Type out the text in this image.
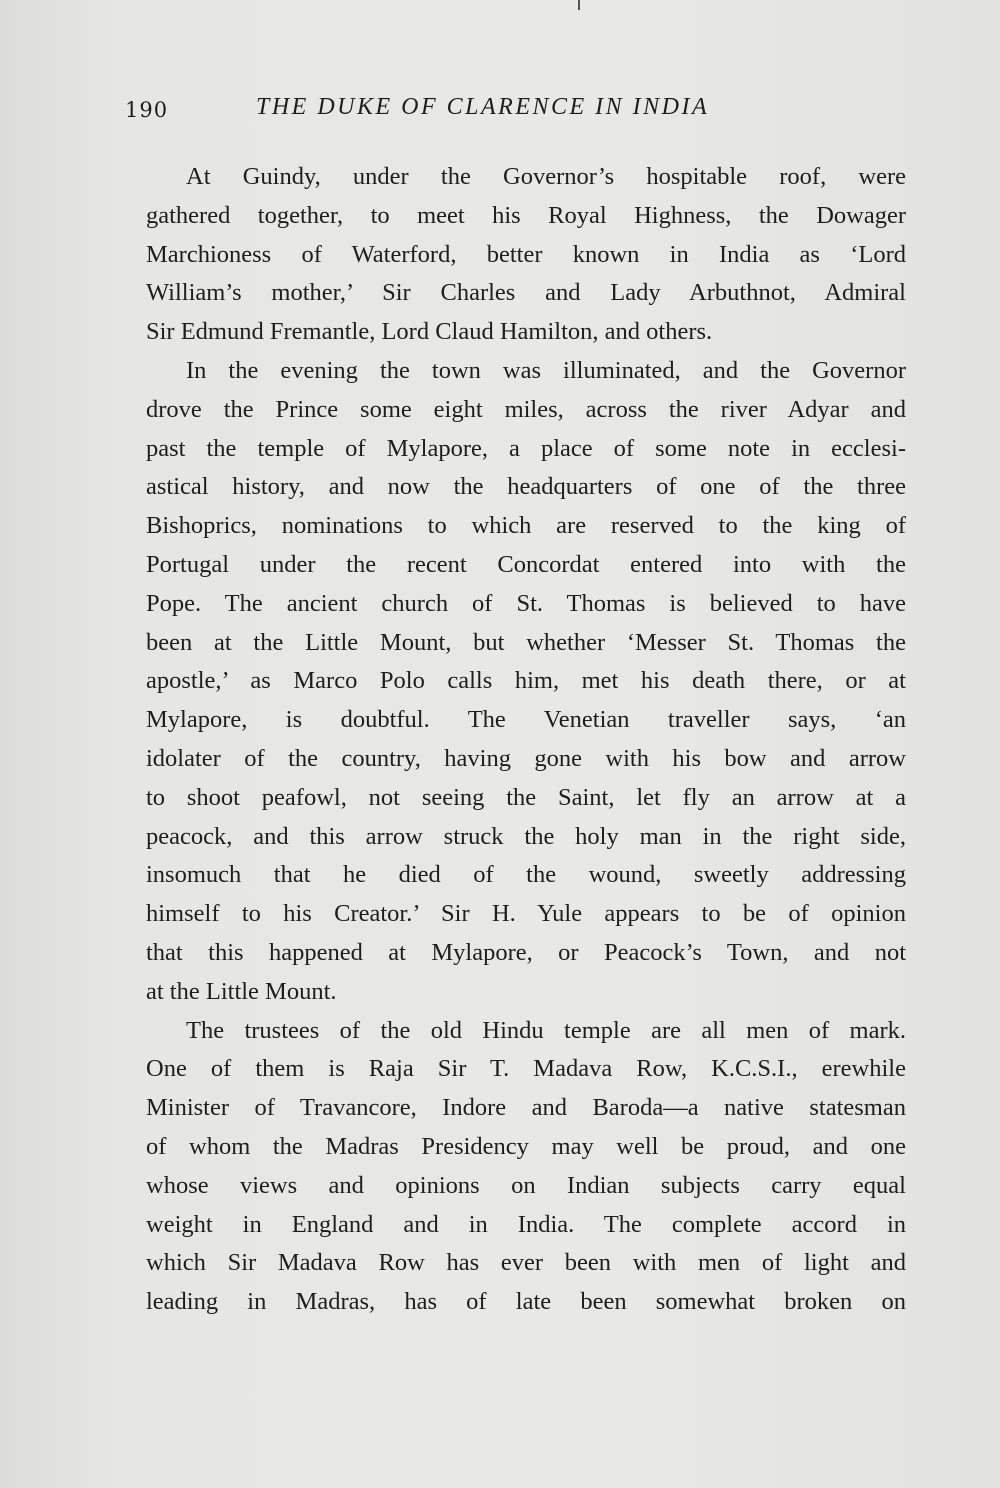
190	THE DUKE OF CLARENCE IN INDIA
At Guindy, under the Governor’s hospitable roof, were
gathered together, to meet his Royal Highness, the Dowager
Marchioness of Waterford, better known in India as ‘Lord
William’s mother,’ Sir Charles and Lady Arbuthnot, Admiral
Sir Edmund Fremantle, Lord Claud Hamilton, and others.
In the evening the town was illuminated, and the Governor
drove the Prince some eight miles, across the river Adyar and
past the temple of Mylapore, a place of some note in ecclesi-
astical history, and now the headquarters of one of the three
Bishoprics, nominations to which are reserved to the king of
Portugal under the recent Concordat entered into with the
Pope. The ancient church of St. Thomas is believed to have
been at the Little Mount, but whether ‘Messer St. Thomas the
apostle,’ as Marco Polo calls him, met his death there, or at
Mylapore, is doubtful. The Venetian traveller says, ‘an
idolater of the country, having gone with his bow and arrow
to shoot peafowl, not seeing the Saint, let fly an arrow at a
peacock, and this arrow struck the holy man in the right side,
insomuch that he died of the wound, sweetly addressing
himself to his Creator.’ Sir H. Yule appears to be of opinion
that this happened at Mylapore, or Peacock’s Town, and not
at the Little Mount.
The trustees of the old Hindu temple are all men of mark.
One of them is Raja Sir T. Madava Row, K.C.S.I., erewhile
Minister of Travancore, Indore and Baroda—a native statesman
of whom the Madras Presidency may well be proud, and one
whose views and opinions on Indian subjects carry equal
weight in England and in India. The complete accord in
which Sir Madava Row has ever been with men of light and
leading in Madras, has of late been somewhat broken on
